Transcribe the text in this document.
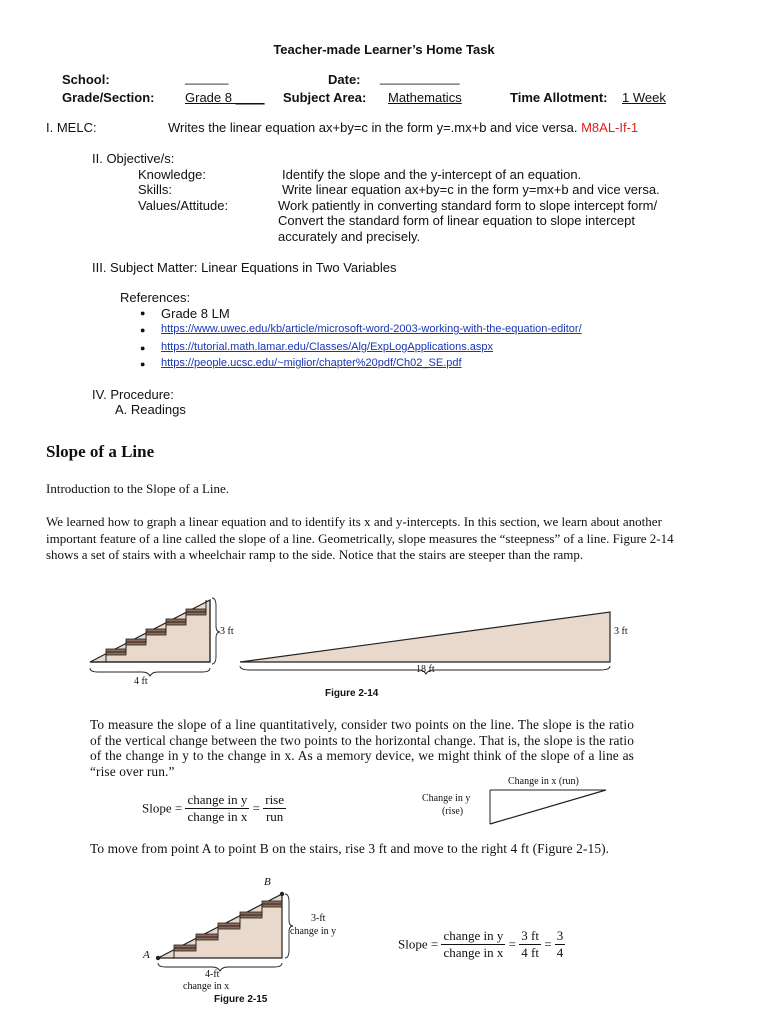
Teacher-made Learner’s Home Task
School:	______	Date: ___________
Grade/Section: Grade 8 ____ Subject Area: Mathematics	Time Allotment: 1 Week
I. MELC:	Writes the linear equation ax+by=c in the form y=.mx+b and vice versa. M8AL-If-1
II. Objective/s:
Knowledge:	Identify the slope and the y-intercept of an equation.
Skills:	Write linear equation ax+by=c in the form y=mx+b and vice versa.
Values/Attitude:	Work patiently in converting standard form to slope intercept form/
Convert the standard form of linear equation to slope intercept
accurately and precisely.
III. Subject Matter: Linear Equations in Two Variables
References:
● Grade 8 LM
● https://www.uwec.edu/kb/article/microsoft-word-2003-working-with-the-equation-editor/
● https://tutorial.math.lamar.edu/Classes/Alg/ExpLogApplications.aspx
● https://people.ucsc.edu/~miglior/chapter%20pdf/Ch02_SE.pdf
IV. Procedure:
A. Readings
Slope of a Line
Introduction to the Slope of a Line.
We learned how to graph a linear equation and to identify its x and y-intercepts. In this section, we learn about another important feature of a line called the slope of a line. Geometrically, slope measures the “steepness” of a line. Figure 2-14 shows a set of stairs with a wheelchair ramp to the side. Notice that the stairs are steeper than the ramp.
3 ft
4 ft
3 ft
18 ft
Figure 2-14
To measure the slope of a line quantitatively, consider two points on the line. The slope is the ratio of the vertical change between the two points to the horizontal change. That is, the slope is the ratio of the change in y to the change in x. As a memory device, we might think of the slope of a line as “rise over run.”
Slope = $\frac{\text{change in y}}{\text{change in x}} = \frac{\text{rise}}{\text{run}}$
Change in x (run)
Change in y
(rise)
To move from point A to point B on the stairs, rise 3 ft and move to the right 4 ft (Figure 2-15).
A
B
3-ft
change in y
4-ft
change in x
Figure 2-15
Slope = $\frac{\text{change in y}}{\text{change in x}} = \frac{3 ft}{4 ft} = \frac{3}{4}$
